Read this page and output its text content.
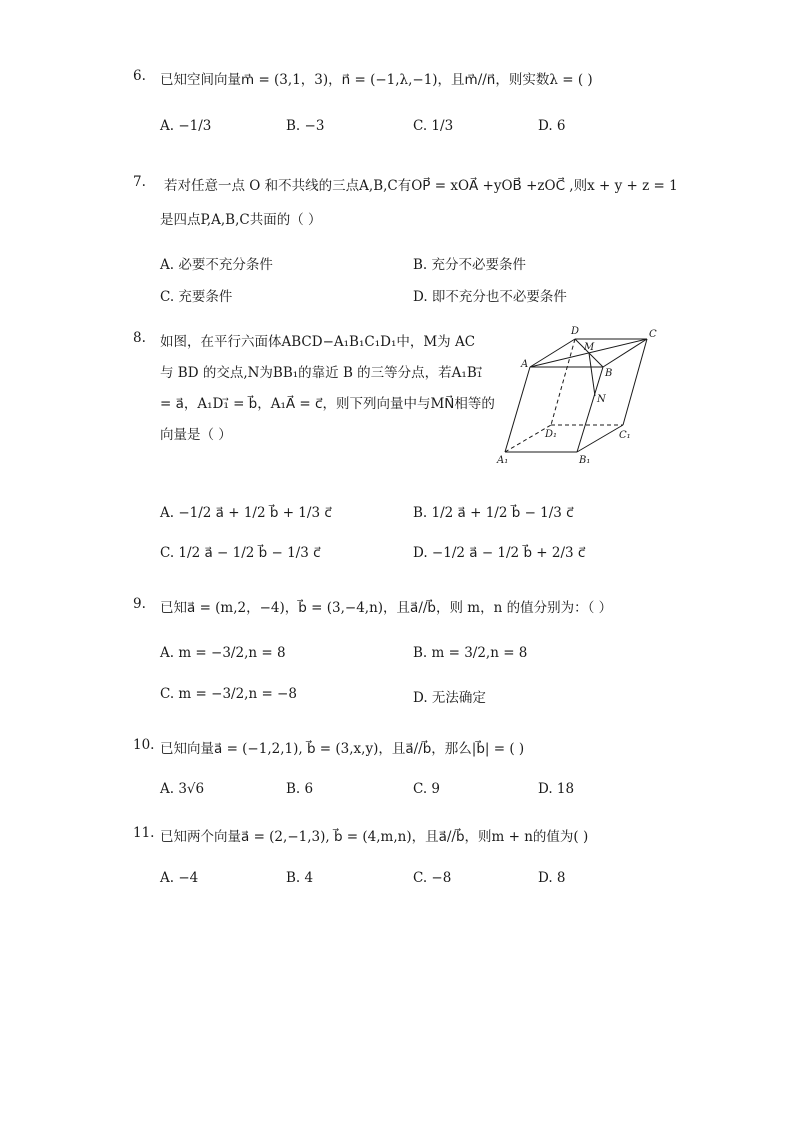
6. 已知空间向量m⃗ = (3,1，3)，n⃗ = (−1,λ,−1)，且m⃗//n⃗，则实数λ = ( )
A. −1/3	B. −3	C. 1/3	D. 6
7. 若对任意一点 O 和不共线的三点A,B,C有OP⃗ = xOA⃗ +yOB⃗ +zOC⃗ ,则x + y + z = 1
是四点P,A,B,C共面的（ ）
A. 必要不充分条件	B. 充分不必要条件
C. 充要条件	D. 即不充分也不必要条件
8. 如图，在平行六面体ABCD−A₁B₁C₁D₁中，M为 AC
与 BD 的交点,N为BB₁的靠近 B 的三等分点，若A₁B₁⃗
= a⃗，A₁D₁⃗ = b⃗，A₁A⃗ = c⃗，则下列向量中与MN⃗相等的
向量是（ ）
D	C
M
A
B
N
D₁	C₁
A₁	B₁
A. −1/2 a⃗ + 1/2 b⃗ + 1/3 c⃗	B. 1/2 a⃗ + 1/2 b⃗ − 1/3 c⃗
C. 1/2 a⃗ − 1/2 b⃗ − 1/3 c⃗	D. −1/2 a⃗ − 1/2 b⃗ + 2/3 c⃗
9. 已知a⃗ = (m,2，−4)，b⃗ = (3,−4,n)，且a⃗//b⃗，则 m，n 的值分别为：（ ）
A. m = −3/2,n = 8	B. m = 3/2,n = 8
C. m = −3/2,n = −8	D. 无法确定
10. 已知向量a⃗ = (−1,2,1), b⃗ = (3,x,y)，且a⃗//b⃗，那么|b⃗| = ( )
A. 3√6	B. 6	C. 9	D. 18
11. 已知两个向量a⃗ = (2,−1,3), b⃗ = (4,m,n)，且a⃗//b⃗，则m + n的值为( )
A. −4	B. 4	C. −8	D. 8
